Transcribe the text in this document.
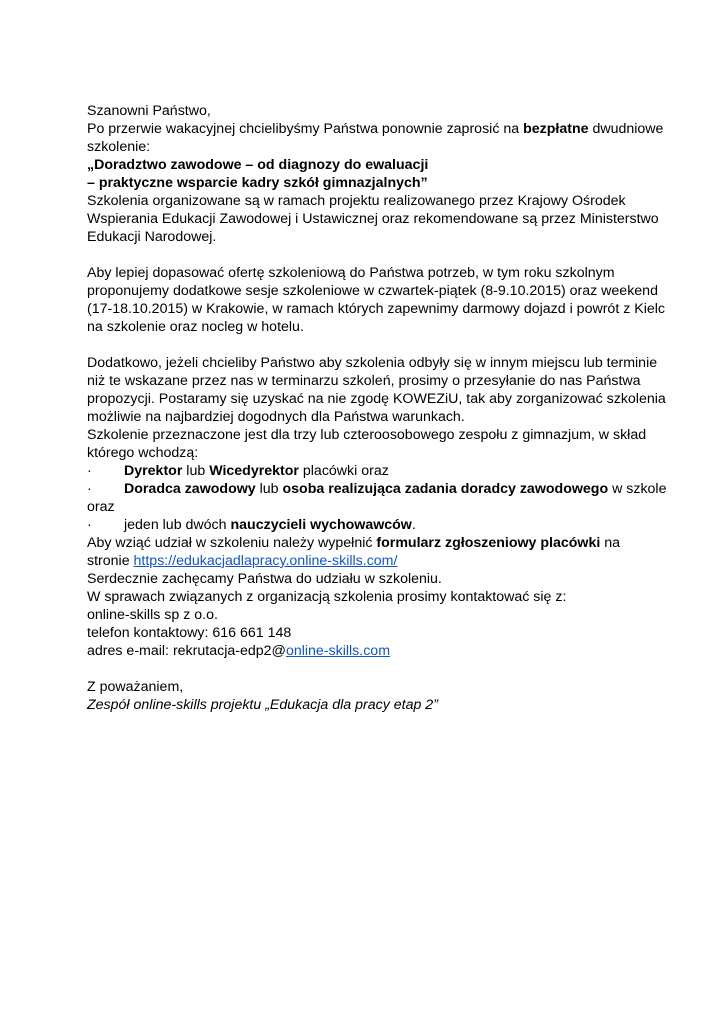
Szanowni Państwo,
Po przerwie wakacyjnej chcielibyśmy Państwa ponownie zaprosić na bezpłatne dwudniowe
szkolenie:
„Doradztwo zawodowe – od diagnozy do ewaluacji
– praktyczne wsparcie kadry szkół gimnazjalnych”
Szkolenia organizowane są w ramach projektu realizowanego przez Krajowy Ośrodek
Wspierania Edukacji Zawodowej i Ustawicznej oraz rekomendowane są przez Ministerstwo
Edukacji Narodowej.
Aby lepiej dopasować ofertę szkoleniową do Państwa potrzeb, w tym roku szkolnym
proponujemy dodatkowe sesje szkoleniowe w czwartek-piątek (8-9.10.2015) oraz weekend
(17-18.10.2015) w Krakowie, w ramach których zapewnimy darmowy dojazd i powrót z Kielc
na szkolenie oraz nocleg w hotelu.
Dodatkowo, jeżeli chcieliby Państwo aby szkolenia odbyły się w innym miejscu lub terminie
niż te wskazane przez nas w terminarzu szkoleń, prosimy o przesyłanie do nas Państwa
propozycji. Postaramy się uzyskać na nie zgodę KOWEZiU, tak aby zorganizować szkolenia
możliwie na najbardziej dogodnych dla Państwa warunkach.
Szkolenie przeznaczone jest dla trzy lub czteroosobowego zespołu z gimnazjum, w skład
którego wchodzą:
· Dyrektor lub Wicedyrektor placówki oraz
· Doradca zawodowy lub osoba realizująca zadania doradcy zawodowego w szkole
oraz
· jeden lub dwóch nauczycieli wychowawców.
Aby wziąć udział w szkoleniu należy wypełnić formularz zgłoszeniowy placówki na
stronie https://edukacjadlapracy.online-skills.com/
Serdecznie zachęcamy Państwa do udziału w szkoleniu.
W sprawach związanych z organizacją szkolenia prosimy kontaktować się z:
online-skills sp z o.o.
telefon kontaktowy: 616 661 148
adres e-mail: rekrutacja-edp2@online-skills.com
Z poważaniem,
Zespół online-skills projektu „Edukacja dla pracy etap 2”
